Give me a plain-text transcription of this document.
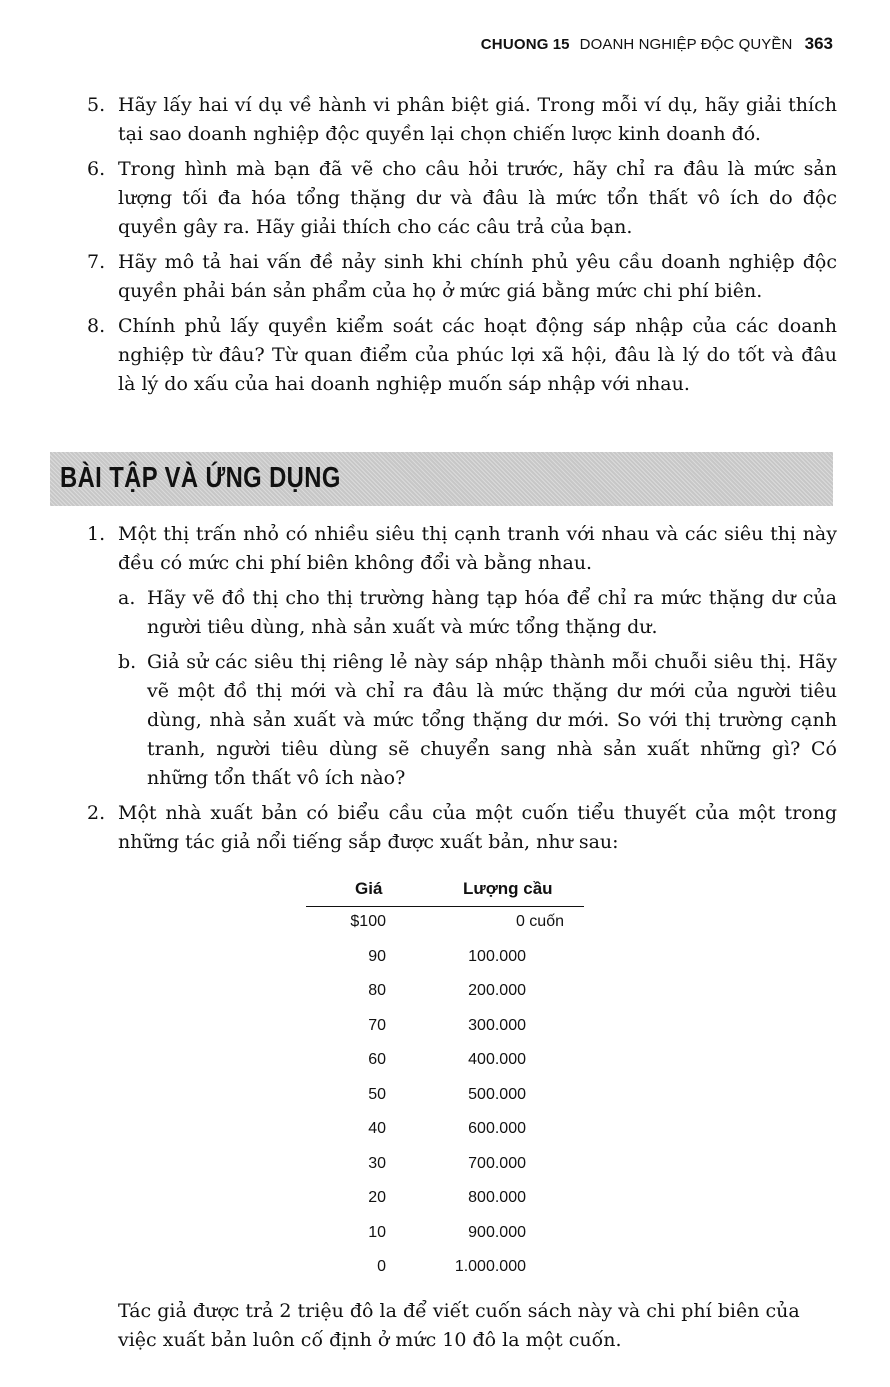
CHUONG 15 DOANH NGHIỆP ĐỘC QUYỀN 363
5. Hãy lấy hai ví dụ về hành vi phân biệt giá. Trong mỗi ví dụ, hãy giải thích tại sao doanh nghiệp độc quyền lại chọn chiến lược kinh doanh đó.
6. Trong hình mà bạn đã vẽ cho câu hỏi trước, hãy chỉ ra đâu là mức sản lượng tối đa hóa tổng thặng dư và đâu là mức tổn thất vô ích do độc quyền gây ra. Hãy giải thích cho các câu trả của bạn.
7. Hãy mô tả hai vấn đề nảy sinh khi chính phủ yêu cầu doanh nghiệp độc quyền phải bán sản phẩm của họ ở mức giá bằng mức chi phí biên.
8. Chính phủ lấy quyền kiểm soát các hoạt động sáp nhập của các doanh nghiệp từ đâu? Từ quan điểm của phúc lợi xã hội, đâu là lý do tốt và đâu là lý do xấu của hai doanh nghiệp muốn sáp nhập với nhau.
BÀI TẬP VÀ ỨNG DỤNG
1. Một thị trấn nhỏ có nhiều siêu thị cạnh tranh với nhau và các siêu thị này đều có mức chi phí biên không đổi và bằng nhau.
a. Hãy vẽ đồ thị cho thị trường hàng tạp hóa để chỉ ra mức thặng dư của người tiêu dùng, nhà sản xuất và mức tổng thặng dư.
b. Giả sử các siêu thị riêng lẻ này sáp nhập thành mỗi chuỗi siêu thị. Hãy vẽ một đồ thị mới và chỉ ra đâu là mức thặng dư mới của người tiêu dùng, nhà sản xuất và mức tổng thặng dư mới. So với thị trường cạnh tranh, người tiêu dùng sẽ chuyển sang nhà sản xuất những gì? Có những tổn thất vô ích nào?
2. Một nhà xuất bản có biểu cầu của một cuốn tiểu thuyết của một trong những tác giả nổi tiếng sắp được xuất bản, như sau:
Giá	Lượng cầu
$100	0 cuốn
90	100.000
80	200.000
70	300.000
60	400.000
50	500.000
40	600.000
30	700.000
20	800.000
10	900.000
0	1.000.000
Tác giả được trả 2 triệu đô la để viết cuốn sách này và chi phí biên của việc xuất bản luôn cố định ở mức 10 đô la một cuốn.
